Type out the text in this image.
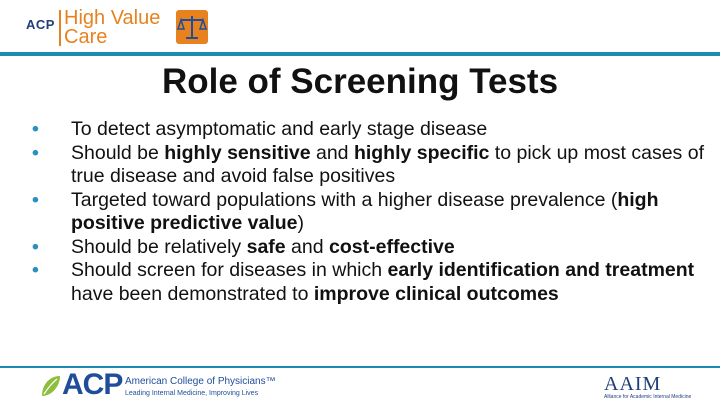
ACP High Value
Care
Role of Screening Tests
• To detect asymptomatic and early stage disease
• Should be highly sensitive and highly specific to pick up most cases of true disease and avoid false positives
• Targeted toward populations with a higher disease prevalence (high positive predictive value)
• Should be relatively safe and cost-effective
• Should screen for diseases in which early identification and treatment have been demonstrated to improve clinical outcomes
ACP American College of Physicians™
Leading Internal Medicine, Improving Lives	AAIM
Alliance for Academic Internal Medicine
